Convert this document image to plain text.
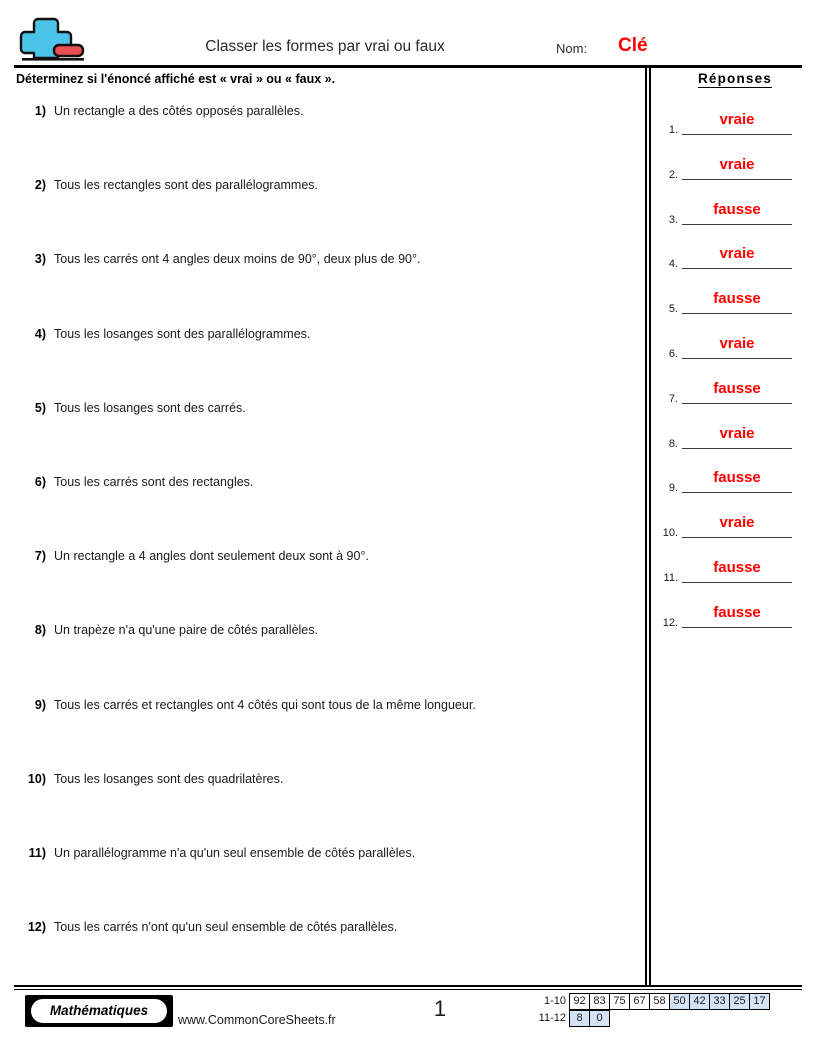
Classer les formes par vrai ou faux	Nom: Clé
Déterminez si l'énoncé affiché est « vrai » ou « faux ».
1) Un rectangle a des côtés opposés parallèles.
2) Tous les rectangles sont des parallélogrammes.
3) Tous les carrés ont 4 angles deux moins de 90°, deux plus de 90°.
4) Tous les losanges sont des parallélogrammes.
5) Tous les losanges sont des carrés.
6) Tous les carrés sont des rectangles.
7) Un rectangle a 4 angles dont seulement deux sont à 90°.
8) Un trapèze n'a qu'une paire de côtés parallèles.
9) Tous les carrés et rectangles ont 4 côtés qui sont tous de la même longueur.
10) Tous les losanges sont des quadrilatères.
11) Un parallélogramme n'a qu'un seul ensemble de côtés parallèles.
12) Tous les carrés n'ont qu'un seul ensemble de côtés parallèles.
Réponses
1.
vraie
2.
vraie
3.
fausse
4.
vraie
5.
fausse
6.
vraie
7.
fausse
8.
vraie
9.
fausse
10.
vraie
11.
fausse
12.
fausse
Mathématiques
www.CommonCoreSheets.fr	1	1-10 92 83 75 67 58 50 42 33 25 17
11-12 8	0
